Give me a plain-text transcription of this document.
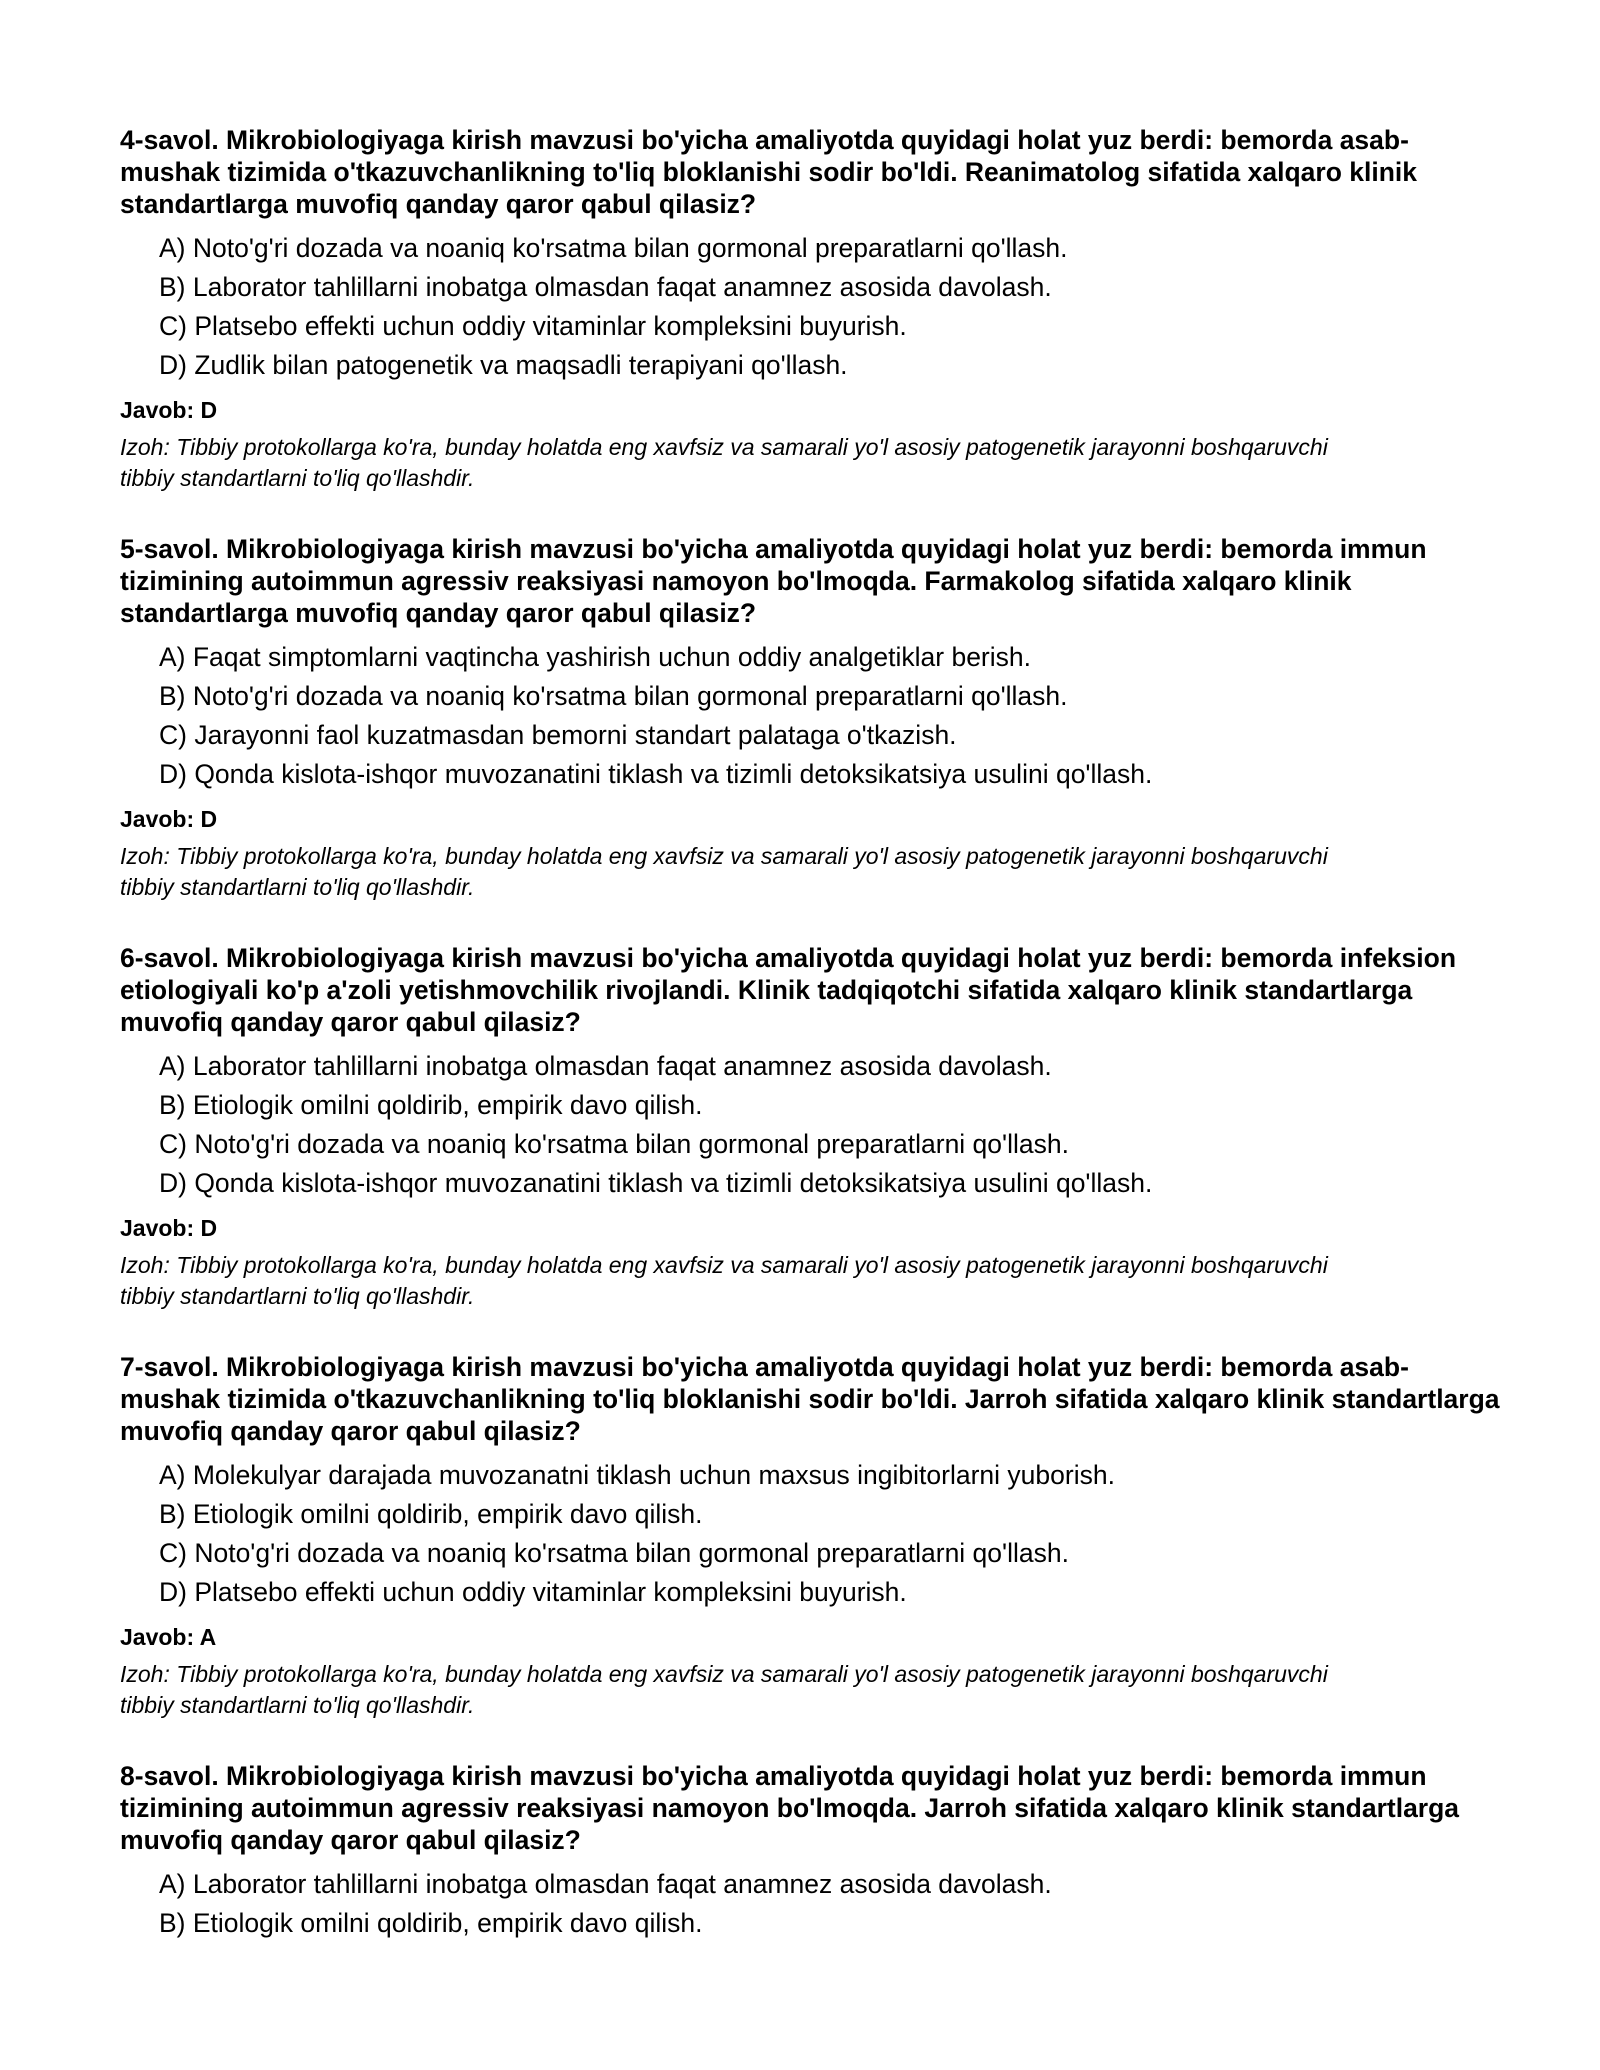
4-savol. Mikrobiologiyaga kirish mavzusi bo'yicha amaliyotda quyidagi holat yuz berdi: bemorda asab-mushak tizimida o'tkazuvchanlikning to'liq bloklanishi sodir bo'ldi. Reanimatolog sifatida xalqaro klinik standartlarga muvofiq qanday qaror qabul qilasiz?
A) Noto'g'ri dozada va noaniq ko'rsatma bilan gormonal preparatlarni qo'llash.
B) Laborator tahlillarni inobatga olmasdan faqat anamnez asosida davolash.
C) Platsebo effekti uchun oddiy vitaminlar kompleksini buyurish.
D) Zudlik bilan patogenetik va maqsadli terapiyani qo'llash.
Javob: D
Izoh: Tibbiy protokollarga ko'ra, bunday holatda eng xavfsiz va samarali yo'l asosiy patogenetik jarayonni boshqaruvchi tibbiy standartlarni to'liq qo'llashdir.
5-savol. Mikrobiologiyaga kirish mavzusi bo'yicha amaliyotda quyidagi holat yuz berdi: bemorda immun tizimining autoimmun agressiv reaksiyasi namoyon bo'lmoqda. Farmakolog sifatida xalqaro klinik standartlarga muvofiq qanday qaror qabul qilasiz?
A) Faqat simptomlarni vaqtincha yashirish uchun oddiy analgetiklar berish.
B) Noto'g'ri dozada va noaniq ko'rsatma bilan gormonal preparatlarni qo'llash.
C) Jarayonni faol kuzatmasdan bemorni standart palataga o'tkazish.
D) Qonda kislota-ishqor muvozanatini tiklash va tizimli detoksikatsiya usulini qo'llash.
Javob: D
Izoh: Tibbiy protokollarga ko'ra, bunday holatda eng xavfsiz va samarali yo'l asosiy patogenetik jarayonni boshqaruvchi tibbiy standartlarni to'liq qo'llashdir.
6-savol. Mikrobiologiyaga kirish mavzusi bo'yicha amaliyotda quyidagi holat yuz berdi: bemorda infeksion etiologiyali ko'p a'zoli yetishmovchilik rivojlandi. Klinik tadqiqotchi sifatida xalqaro klinik standartlarga muvofiq qanday qaror qabul qilasiz?
A) Laborator tahlillarni inobatga olmasdan faqat anamnez asosida davolash.
B) Etiologik omilni qoldirib, empirik davo qilish.
C) Noto'g'ri dozada va noaniq ko'rsatma bilan gormonal preparatlarni qo'llash.
D) Qonda kislota-ishqor muvozanatini tiklash va tizimli detoksikatsiya usulini qo'llash.
Javob: D
Izoh: Tibbiy protokollarga ko'ra, bunday holatda eng xavfsiz va samarali yo'l asosiy patogenetik jarayonni boshqaruvchi tibbiy standartlarni to'liq qo'llashdir.
7-savol. Mikrobiologiyaga kirish mavzusi bo'yicha amaliyotda quyidagi holat yuz berdi: bemorda asab-mushak tizimida o'tkazuvchanlikning to'liq bloklanishi sodir bo'ldi. Jarroh sifatida xalqaro klinik standartlarga muvofiq qanday qaror qabul qilasiz?
A) Molekulyar darajada muvozanatni tiklash uchun maxsus ingibitorlarni yuborish.
B) Etiologik omilni qoldirib, empirik davo qilish.
C) Noto'g'ri dozada va noaniq ko'rsatma bilan gormonal preparatlarni qo'llash.
D) Platsebo effekti uchun oddiy vitaminlar kompleksini buyurish.
Javob: A
Izoh: Tibbiy protokollarga ko'ra, bunday holatda eng xavfsiz va samarali yo'l asosiy patogenetik jarayonni boshqaruvchi tibbiy standartlarni to'liq qo'llashdir.
8-savol. Mikrobiologiyaga kirish mavzusi bo'yicha amaliyotda quyidagi holat yuz berdi: bemorda immun tizimining autoimmun agressiv reaksiyasi namoyon bo'lmoqda. Jarroh sifatida xalqaro klinik standartlarga muvofiq qanday qaror qabul qilasiz?
A) Laborator tahlillarni inobatga olmasdan faqat anamnez asosida davolash.
B) Etiologik omilni qoldirib, empirik davo qilish.
